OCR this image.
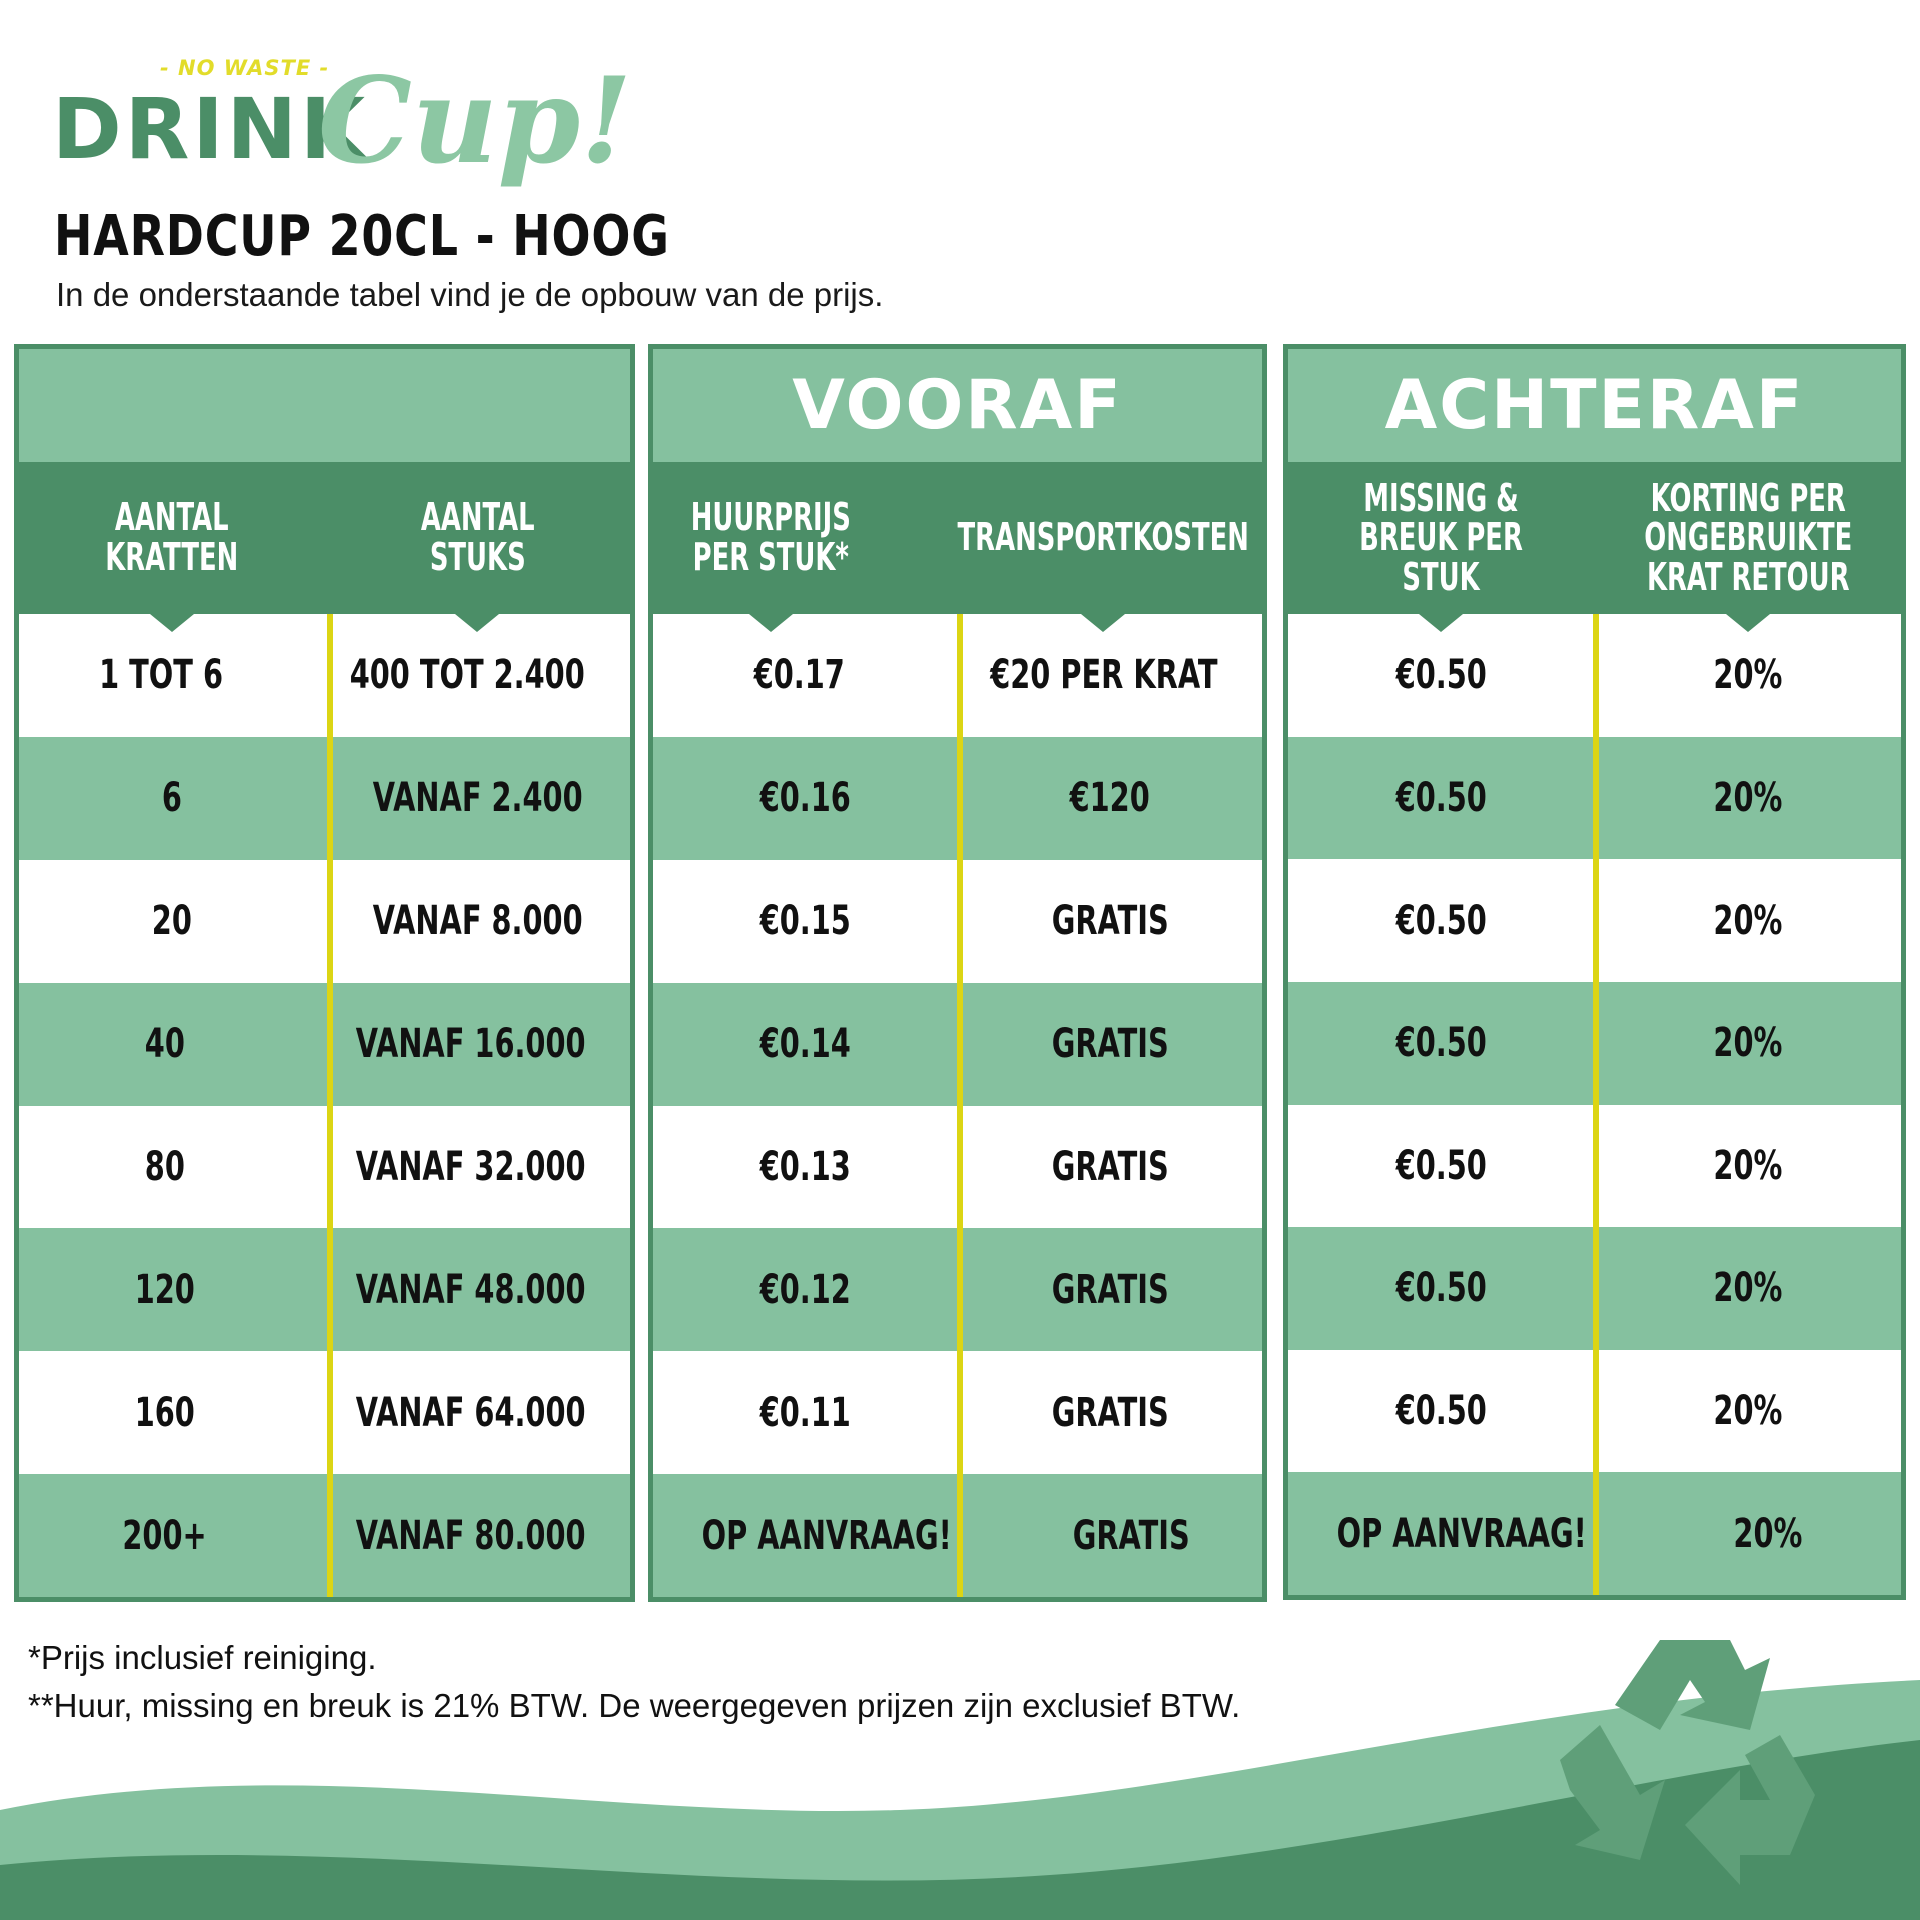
- NO WASTE -
DRINK
Cup!
HARDCUP 20CL - HOOG
In de onderstaande tabel vind je de opbouw van de prijs.
AANTAL KRATTEN
AANTAL STUKS
1 TOT 6	400 TOT 2.400
6	VANAF 2.400
20	VANAF 8.000
40	VANAF 16.000
80	VANAF 32.000
120	VANAF 48.000
160	VANAF 64.000
200+	VANAF 80.000
VOORAF
HUURPRIJS PER STUK*	TRANSPORTKOSTEN
€0.17	€20 PER KRAT
€0.16	€120
€0.15	GRATIS
€0.14	GRATIS
€0.13	GRATIS
€0.12	GRATIS
€0.11	GRATIS
OP AANVRAAG!	GRATIS
ACHTERAF
MISSING & BREUK PER STUK
KORTING PER ONGEBRUIKTE KRAT RETOUR
€0.50	20%
€0.50	20%
€0.50	20%
€0.50	20%
€0.50	20%
€0.50	20%
€0.50	20%
OP AANVRAAG!	20%
*Prijs inclusief reiniging.
**Huur, missing en breuk is 21% BTW. De weergegeven prijzen zijn exclusief BTW.
